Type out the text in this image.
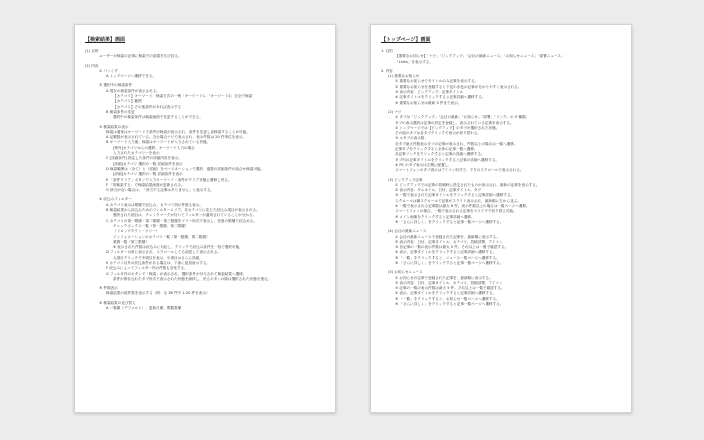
【検索結果】画面
(1) 目的
ユーザーが検索の記事に検索での語彙を広げ絞る。
(2) 内容
① パンくず
A トップページへ遷移できる。
② 選択中の検索条件
A 現在の検索条件が表示される。
【カテゴリ】キーワード：検索方式の一例「キーワード1」「キーワード2」完全で検索
【カテゴリ】範囲
【カテゴリ】その他条件があれば表示する
B 検索条件の変更
選択中の検索条件は検索画面で変更することができる。
③ 検索結果の表示
検索は通常はキーワードで条件が検索が表示され、条件を変更し直検索することが可能。
A 記載数が表示されている。含む場合ナビで表示され、表示件数は 20 件単位を表示。
B キーワード入力後、検索はキーワードが入力されている状態。
[例外]カテゴリからの遷移、キーワード入力の場合
入力されたカテゴリーを表示
C [詳細条件] 指定した条件の詳細内容を表示。
[詳細]カテゴリ 選択の一覧 詳細条件を表示
D 検索範囲は（全て）と（詳細）をページネーションで選択、複数の詳細条件の組合せ検索可能。
[詳細]カテゴリ 選択の一覧 詳細条件を表示
E 「条件クリア」ボタンで入力キーワード・条件がクリア状態に遷移し戻る。
F 「再検索する」で検索結果画面が更新される。
G 該当がない場合は、「該当する記事はありません」と表示する。
④ 絞込みフィルター
A カテゴリ表示は階層で絞込み、カテゴリ別の件数も表示。
B 検索結果から絞込むためのフィルターエリア。各カテゴリに応じた絞込み項目が表示される。
選択された項目は、チェックマークが付いてフィルターが適用されていることが分かる。
C カテゴリの第一階層・第二階層・第三階層をツリー形式で表示し、任意の階層で絞込める。
チェックボックス一覧（第一階層、第二階層）
（ドロップダウン・ツリー）
インフォメーションのカテゴリ一覧（第一階層、第二階層）
業務一覧（第三階層）
※ 表示された件数は絞込みに対応し、クリックで絞込み条件を一括で選択可能。
D フィルターは常に表示され、スクロールしても追従して表示される。
大項目クリックで中項目を表示、小項目はさらに詳細。
E カテゴリ以外の絞込条件がある場合は、下部に追加表示する。
F 絞込みによってフィルター内の件数も変化する。
G フィルタ内のボタンで「検索」が表示され、選択条件が付与されて検索結果へ遷移。
条件が保存されたタブ形式で表示された状態を維持し、戻るボタンの際は選択された状態を復元。
⑤ 件数表示
検索結果の総件数を表示する（例：全 38 件中 1-20 件を表示）
⑥ 検索結果の並び替え
A 一覧順（デフォルト）、更新日順、閲覧数順
【トップページ】画面
1. 目的
【重要なお知らせ】「ナビ」「ピックアップ」「会社の最新ニュース」「お知らせニュース」「部署ニュース」
「Links」を表示する。
2. 内容
(1) 重要なお知らせ
① 重要なお知らせでタイトルのみ記事を表示する。
② 重要なお知らせを登録すると下記の赤色の記事が分かりやすく表示される。
③ 表示内容：ピックアップ、記事タイトル
④ 記事タイトルをクリックすると記事詳細へ遷移する。
⑤ 重要なお知らせは最新 3 件まで表示。
(2) ナビ
① タブは「ピックアップ」「会社の最新」「お知らせ」「部署」「リンク」の 5 種類。
タブの表示選択は記事の設定を登録し、表示されている記事を表示する。
② トップページでは【ピックアップ】のタブが選択された状態。
その他のタブは各タブクリックで表示が切り替わる。
③ ルタブの表示数：
各タブ最大件数表示タブの記事が表示され、件数以上の場合は一覧へ遷移。
記事タブをクリックすると全体の記事一覧へ遷移。
各記事リンクをクリックすると記事の詳細へ遷移する。
タブ内の記事タイトルをクリックすると記事の詳細へ遷移する。
④ PC のタブ表示は左側に配置し、
スマートフォンのタブ表示はアイコン形式で、下方のスクロールで表示される。
(3) ピックアップ記事
① ピックアップでは記事の投稿時に設定されたものが表示され、最新の記事を表示する。
② 表示内容：サムネイル、日付、記事タイトル、タグ
③ 一覧で表示された記事タイトルをクリックすると記事詳細へ遷移する。
スクロールは横スクロールで記事がスライド表示され、最新順に左から並ぶ。
④ 一覧で表示される記事数は最大 6 件。表示件数以上の場合は一覧ページへ遷移。
スマートフォンの場合、一覧で表示される記事をスワイプで切り替え可能。
⑤ メイン画像をクリックすると記事詳細へ遷移。
⑥ 「さらに詳しく」をクリックすると記事一覧ページへ遷移する。
(4) 会社の最新ニュース
① 会社の最新ニュースで登録された記事を、最新順に表示する。
② 表示内容：日付、記事タイトル、カテゴリ、投稿部署、アイコン
③ 各記事の一覧の表示件数は最大 5 件。それ以上は一覧で確認する。
④ 表示、記事タイトルをクリックすると記事詳細へ遷移する。
⑤ 「一覧」をクリックすると、ニュース一覧ページへ遷移する。
⑥ 「さらに詳しく」をクリックすると記事一覧ページへ遷移する。
(5) お知らせニュース
① お知らせの記事で登録された記事を、最新順に表示する。
② 表示内容：日付、記事タイトル、カテゴリ、投稿部署、アイコン
③ 記事の一覧の表示件数は最大 5 件。それ以上は一覧で確認する。
④ 表示、記事タイトルをクリックすると記事詳細へ遷移する。
⑤ 「一覧」をクリックすると、お知らせ一覧ページへ遷移する。
⑥ 「さらに詳しく」をクリックすると記事一覧ページへ遷移する。
